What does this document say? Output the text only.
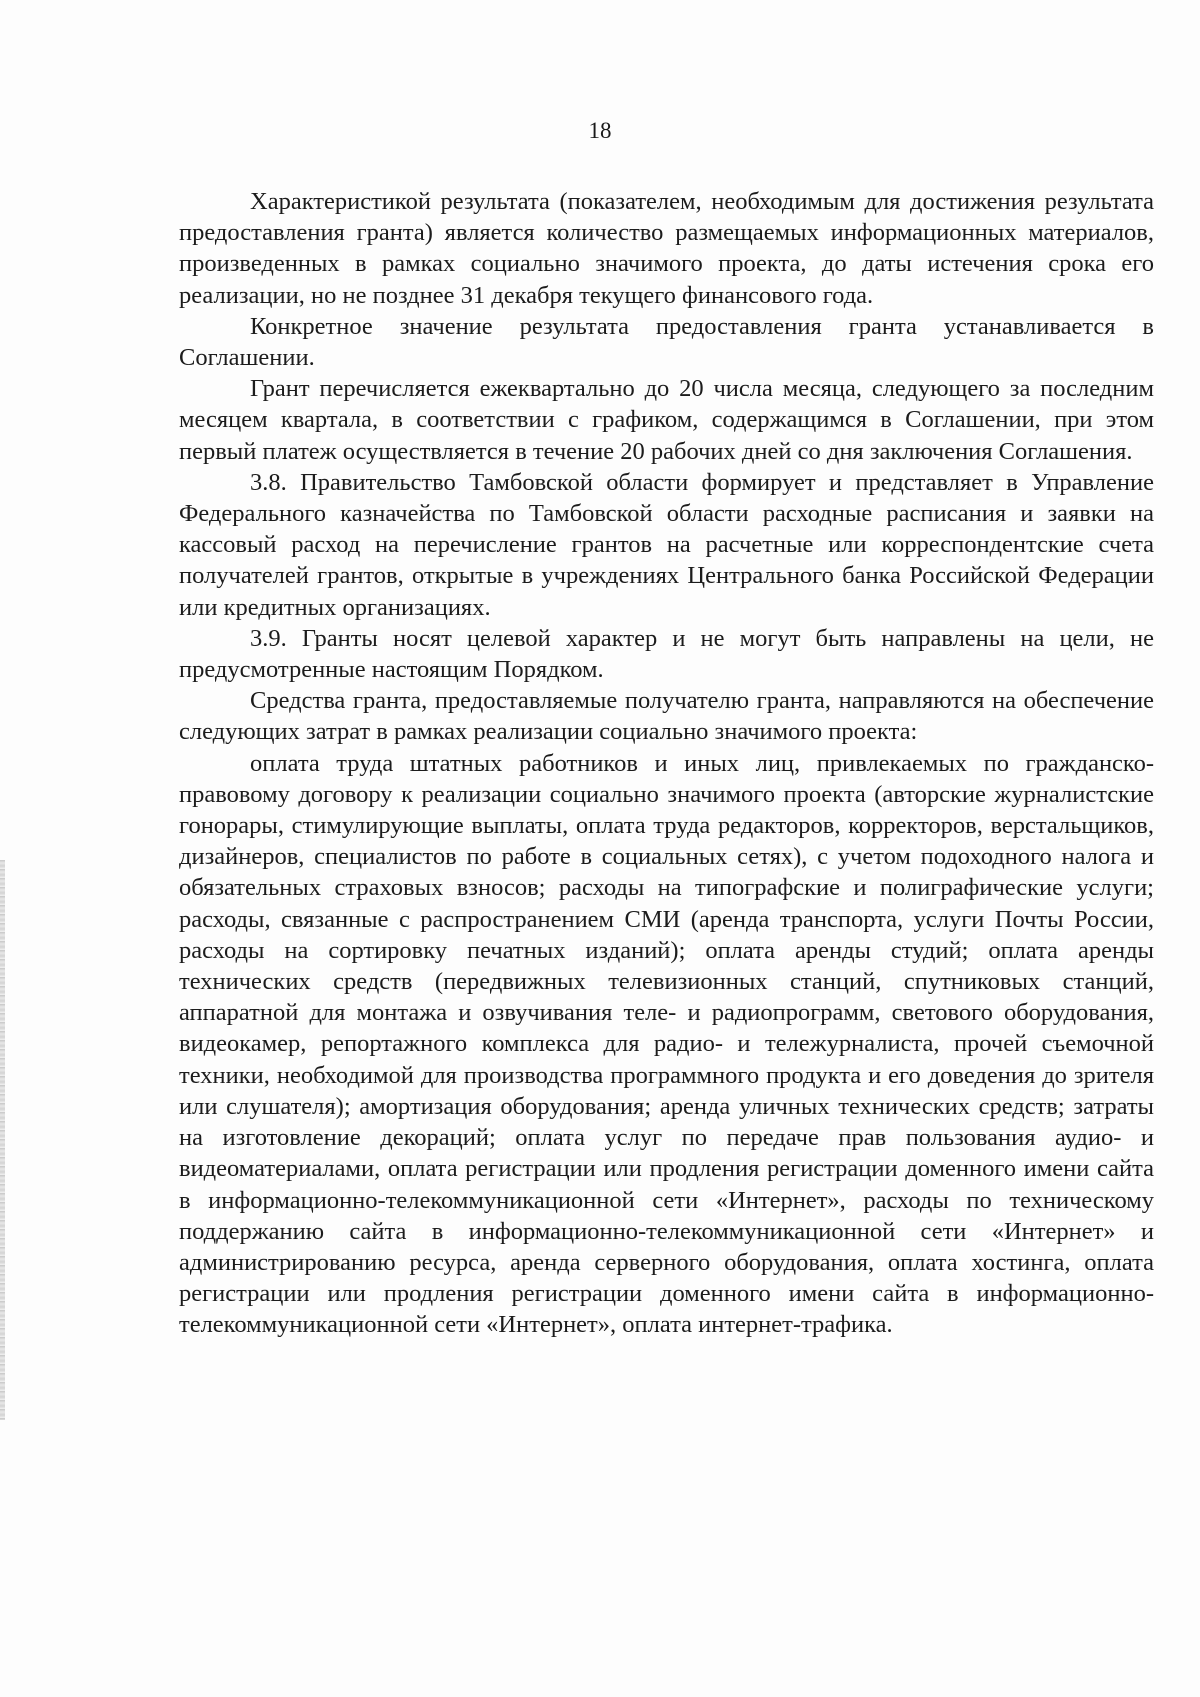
18

Характеристикой результата (показателем, необходимым для достижения результата предоставления гранта) является количество размещаемых информационных материалов, произведенных в рамках социально значимого проекта, до даты истечения срока его реализации, но не позднее 31 декабря текущего финансового года.

Конкретное значение результата предоставления гранта устанавливается в Соглашении.

Грант перечисляется ежеквартально до 20 числа месяца, следующего за последним месяцем квартала, в соответствии с графиком, содержащимся в Соглашении, при этом первый платеж осуществляется в течение 20 рабочих дней со дня заключения Соглашения.

3.8. Правительство Тамбовской области формирует и представляет в Управление Федерального казначейства по Тамбовской области расходные расписания и заявки на кассовый расход на перечисление грантов на расчетные или корреспондентские счета получателей грантов, открытые в учреждениях Центрального банка Российской Федерации или кредитных организациях.

3.9. Гранты носят целевой характер и не могут быть направлены на цели, не предусмотренные настоящим Порядком.

Средства гранта, предоставляемые получателю гранта, направляются на обеспечение следующих затрат в рамках реализации социально значимого проекта:

оплата труда штатных работников и иных лиц, привлекаемых по гражданско-правовому договору к реализации социально значимого проекта (авторские журналистские гонорары, стимулирующие выплаты, оплата труда редакторов, корректоров, верстальщиков, дизайнеров, специалистов по работе в социальных сетях), с учетом подоходного налога и обязательных страховых взносов; расходы на типографские и полиграфические услуги; расходы, связанные с распространением СМИ (аренда транспорта, услуги Почты России, расходы на сортировку печатных изданий); оплата аренды студий; оплата аренды технических средств (передвижных телевизионных станций, спутниковых станций, аппаратной для монтажа и озвучивания теле- и радиопрограмм, светового оборудования, видеокамер, репортажного комплекса для радио- и тележурналиста, прочей съемочной техники, необходимой для производства программного продукта и его доведения до зрителя или слушателя); амортизация оборудования; аренда уличных технических средств; затраты на изготовление декораций; оплата услуг по передаче прав пользования аудио- и видеоматериалами, оплата регистрации или продления регистрации доменного имени сайта в информационно-телекоммуникационной сети «Интернет», расходы по техническому поддержанию сайта в информационно-телекоммуникационной сети «Интернет» и администрированию ресурса, аренда серверного оборудования, оплата хостинга, оплата регистрации или продления регистрации доменного имени сайта в информационно-телекоммуникационной сети «Интернет», оплата интернет-трафика.
